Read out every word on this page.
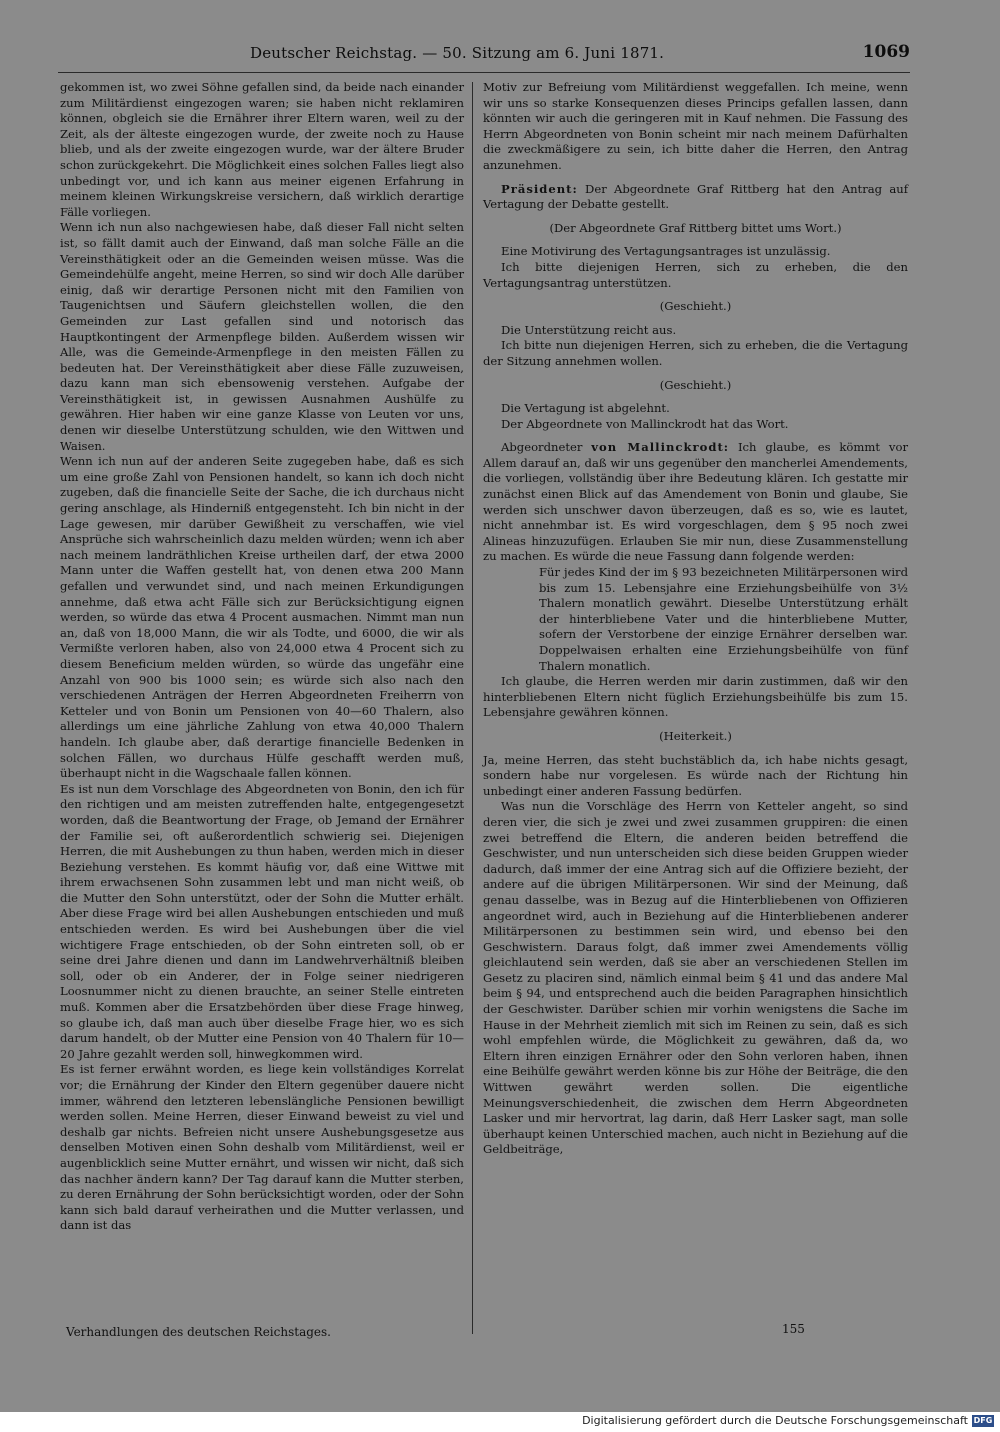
Deutscher Reichstag. — 50. Sitzung am 6. Juni 1871.	1069

gekommen ist, wo zwei Söhne gefallen sind, da beide nach einander zum Militärdienst eingezogen waren; sie haben nicht reklamiren können, obgleich sie die Ernährer ihrer Eltern waren, weil zu der Zeit, als der älteste eingezogen wurde, der zweite noch zu Hause blieb, und als der zweite eingezogen wurde, war der ältere Bruder schon zurückgekehrt. Die Möglichkeit eines solchen Falles liegt also unbedingt vor, und ich kann aus meiner eigenen Erfahrung in meinem kleinen Wirkungskreise versichern, daß wirklich derartige Fälle vorliegen.

Wenn ich nun also nachgewiesen habe, daß dieser Fall nicht selten ist, so fällt damit auch der Einwand, daß man solche Fälle an die Vereinsthätigkeit oder an die Gemeinden weisen müsse. Was die Gemeindehülfe angeht, meine Herren, so sind wir doch Alle darüber einig, daß wir derartige Personen nicht mit den Familien von Taugenichtsen und Säufern gleichstellen wollen, die den Gemeinden zur Last gefallen sind und notorisch das Hauptkontingent der Armenpflege bilden. Außerdem wissen wir Alle, was die Gemeinde-Armenpflege in den meisten Fällen zu bedeuten hat. Der Vereinsthätigkeit aber diese Fälle zuzuweisen, dazu kann man sich ebensowenig verstehen. Aufgabe der Vereinsthätigkeit ist, in gewissen Ausnahmen Aushülfe zu gewähren. Hier haben wir eine ganze Klasse von Leuten vor uns, denen wir dieselbe Unterstützung schulden, wie den Wittwen und Waisen.

Wenn ich nun auf der anderen Seite zugegeben habe, daß es sich um eine große Zahl von Pensionen handelt, so kann ich doch nicht zugeben, daß die financielle Seite der Sache, die ich durchaus nicht gering anschlage, als Hinderniß entgegensteht. Ich bin nicht in der Lage gewesen, mir darüber Gewißheit zu verschaffen, wie viel Ansprüche sich wahrscheinlich dazu melden würden; wenn ich aber nach meinem landräthlichen Kreise urtheilen darf, der etwa 2000 Mann unter die Waffen gestellt hat, von denen etwa 200 Mann gefallen und verwundet sind, und nach meinen Erkundigungen annehme, daß etwa acht Fälle sich zur Berücksichtigung eignen werden, so würde das etwa 4 Procent ausmachen. Nimmt man nun an, daß von 18,000 Mann, die wir als Todte, und 6000, die wir als Vermißte verloren haben, also von 24,000 etwa 4 Procent sich zu diesem Beneficium melden würden, so würde das ungefähr eine Anzahl von 900 bis 1000 sein; es würde sich also nach den verschiedenen Anträgen der Herren Abgeordneten Freiherrn von Ketteler und von Bonin um Pensionen von 40—60 Thalern, also allerdings um eine jährliche Zahlung von etwa 40,000 Thalern handeln. Ich glaube aber, daß derartige financielle Bedenken in solchen Fällen, wo durchaus Hülfe geschafft werden muß, überhaupt nicht in die Wagschaale fallen können.

Es ist nun dem Vorschlage des Abgeordneten von Bonin, den ich für den richtigen und am meisten zutreffenden halte, entgegengesetzt worden, daß die Beantwortung der Frage, ob Jemand der Ernährer der Familie sei, oft außerordentlich schwierig sei. Diejenigen Herren, die mit Aushebungen zu thun haben, werden mich in dieser Beziehung verstehen. Es kommt häufig vor, daß eine Wittwe mit ihrem erwachsenen Sohn zusammen lebt und man nicht weiß, ob die Mutter den Sohn unterstützt, oder der Sohn die Mutter erhält. Aber diese Frage wird bei allen Aushebungen entschieden und muß entschieden werden. Es wird bei Aushebungen über die viel wichtigere Frage entschieden, ob der Sohn eintreten soll, ob er seine drei Jahre dienen und dann im Landwehrverhältniß bleiben soll, oder ob ein Anderer, der in Folge seiner niedrigeren Loosnummer nicht zu dienen brauchte, an seiner Stelle eintreten muß. Kommen aber die Ersatzbehörden über diese Frage hinweg, so glaube ich, daß man auch über dieselbe Frage hier, wo es sich darum handelt, ob der Mutter eine Pension von 40 Thalern für 10—20 Jahre gezahlt werden soll, hinwegkommen wird.

Es ist ferner erwähnt worden, es liege kein vollständiges Korrelat vor; die Ernährung der Kinder den Eltern gegenüber dauere nicht immer, während den letzteren lebenslängliche Pensionen bewilligt werden sollen. Meine Herren, dieser Einwand beweist zu viel und deshalb gar nichts. Befreien nicht unsere Aushebungsgesetze aus denselben Motiven einen Sohn deshalb vom Militärdienst, weil er augenblicklich seine Mutter ernährt, und wissen wir nicht, daß sich das nachher ändern kann? Der Tag darauf kann die Mutter sterben, zu deren Ernährung der Sohn berücksichtigt worden, oder der Sohn kann sich bald darauf verheirathen und die Mutter verlassen, und dann ist das

Motiv zur Befreiung vom Militärdienst weggefallen. Ich meine, wenn wir uns so starke Konsequenzen dieses Princips gefallen lassen, dann könnten wir auch die geringeren mit in Kauf nehmen. Die Fassung des Herrn Abgeordneten von Bonin scheint mir nach meinem Dafürhalten die zweckmäßigere zu sein, ich bitte daher die Herren, den Antrag anzunehmen.

Präsident: Der Abgeordnete Graf Rittberg hat den Antrag auf Vertagung der Debatte gestellt.

(Der Abgeordnete Graf Rittberg bittet ums Wort.)

Eine Motivirung des Vertagungsantrages ist unzulässig.

Ich bitte diejenigen Herren, sich zu erheben, die den Vertagungsantrag unterstützen.

(Geschieht.)

Die Unterstützung reicht aus.

Ich bitte nun diejenigen Herren, sich zu erheben, die die Vertagung der Sitzung annehmen wollen.

(Geschieht.)

Die Vertagung ist abgelehnt.

Der Abgeordnete von Mallinckrodt hat das Wort.

Abgeordneter von Mallinckrodt: Ich glaube, es kömmt vor Allem darauf an, daß wir uns gegenüber den mancherlei Amendements, die vorliegen, vollständig über ihre Bedeutung klären. Ich gestatte mir zunächst einen Blick auf das Amendement von Bonin und glaube, Sie werden sich unschwer davon überzeugen, daß es so, wie es lautet, nicht annehmbar ist. Es wird vorgeschlagen, dem § 95 noch zwei Alineas hinzuzufügen. Erlauben Sie mir nun, diese Zusammenstellung zu machen. Es würde die neue Fassung dann folgende werden:

Für jedes Kind der im § 93 bezeichneten Militärpersonen wird bis zum 15. Lebensjahre eine Erziehungsbeihülfe von 3½ Thalern monatlich gewährt. Dieselbe Unterstützung erhält der hinterbliebene Vater und die hinterbliebene Mutter, sofern der Verstorbene der einzige Ernährer derselben war. Doppelwaisen erhalten eine Erziehungsbeihülfe von fünf Thalern monatlich.

Ich glaube, die Herren werden mir darin zustimmen, daß wir den hinterbliebenen Eltern nicht füglich Erziehungsbeihülfe bis zum 15. Lebensjahre gewähren können.

(Heiterkeit.)

Ja, meine Herren, das steht buchstäblich da, ich habe nichts gesagt, sondern habe nur vorgelesen. Es würde nach der Richtung hin unbedingt einer anderen Fassung bedürfen.

Was nun die Vorschläge des Herrn von Ketteler angeht, so sind deren vier, die sich je zwei und zwei zusammen gruppiren: die einen zwei betreffend die Eltern, die anderen beiden betreffend die Geschwister, und nun unterscheiden sich diese beiden Gruppen wieder dadurch, daß immer der eine Antrag sich auf die Offiziere bezieht, der andere auf die übrigen Militärpersonen. Wir sind der Meinung, daß genau dasselbe, was in Bezug auf die Hinterbliebenen von Offizieren angeordnet wird, auch in Beziehung auf die Hinterbliebenen anderer Militärpersonen zu bestimmen sein wird, und ebenso bei den Geschwistern. Daraus folgt, daß immer zwei Amendements völlig gleichlautend sein werden, daß sie aber an verschiedenen Stellen im Gesetz zu placiren sind, nämlich einmal beim § 41 und das andere Mal beim § 94, und entsprechend auch die beiden Paragraphen hinsichtlich der Geschwister. Darüber schien mir vorhin wenigstens die Sache im Hause in der Mehrheit ziemlich mit sich im Reinen zu sein, daß es sich wohl empfehlen würde, die Möglichkeit zu gewähren, daß da, wo Eltern ihren einzigen Ernährer oder den Sohn verloren haben, ihnen eine Beihülfe gewährt werden könne bis zur Höhe der Beiträge, die den Wittwen gewährt werden sollen. Die eigentliche Meinungsverschiedenheit, die zwischen dem Herrn Abgeordneten Lasker und mir hervortrat, lag darin, daß Herr Lasker sagt, man solle überhaupt keinen Unterschied machen, auch nicht in Beziehung auf die Geldbeiträge,

Verhandlungen des deutschen Reichstages.	155
Digitalisierung gefördert durch die Deutsche Forschungsgemeinschaft DFG
